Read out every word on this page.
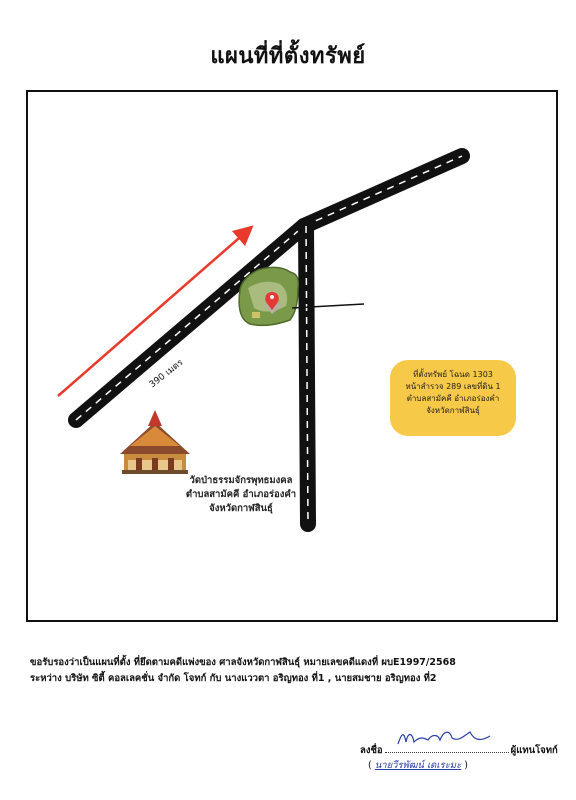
แผนที่ที่ตั้งทรัพย์
390 เมตร
วัดป่าธรรมจักรพุทธมงคล
ตำบลสามัคคี อำเภอร่องคำ
จังหวัดกาฬสินธุ์
ที่ตั้งทรัพย์ โฉนด 1303
หน้าสำรวจ 289 เลขที่ดิน 1
ตำบลสามัคคี อำเภอร่องคำ
จังหวัดกาฬสินธุ์
ขอรับรองว่าเป็นแผนที่ตั้ง ที่ยึดตามคดีแพ่งของ ศาลจังหวัดกาฬสินธุ์ หมายเลขคดีแดงที่ ผบE1997/2568
ระหว่าง บริษัท ซิตี้ คอลเลคชั่น จำกัด โจทก์ กับ นางแววตา อริญทอง ที่1 , นายสมชาย อริญทอง ที่2
ลงชื่อ	ผู้แทนโจทก์
( นายวีรพัฒน์ เดเระมะ )
